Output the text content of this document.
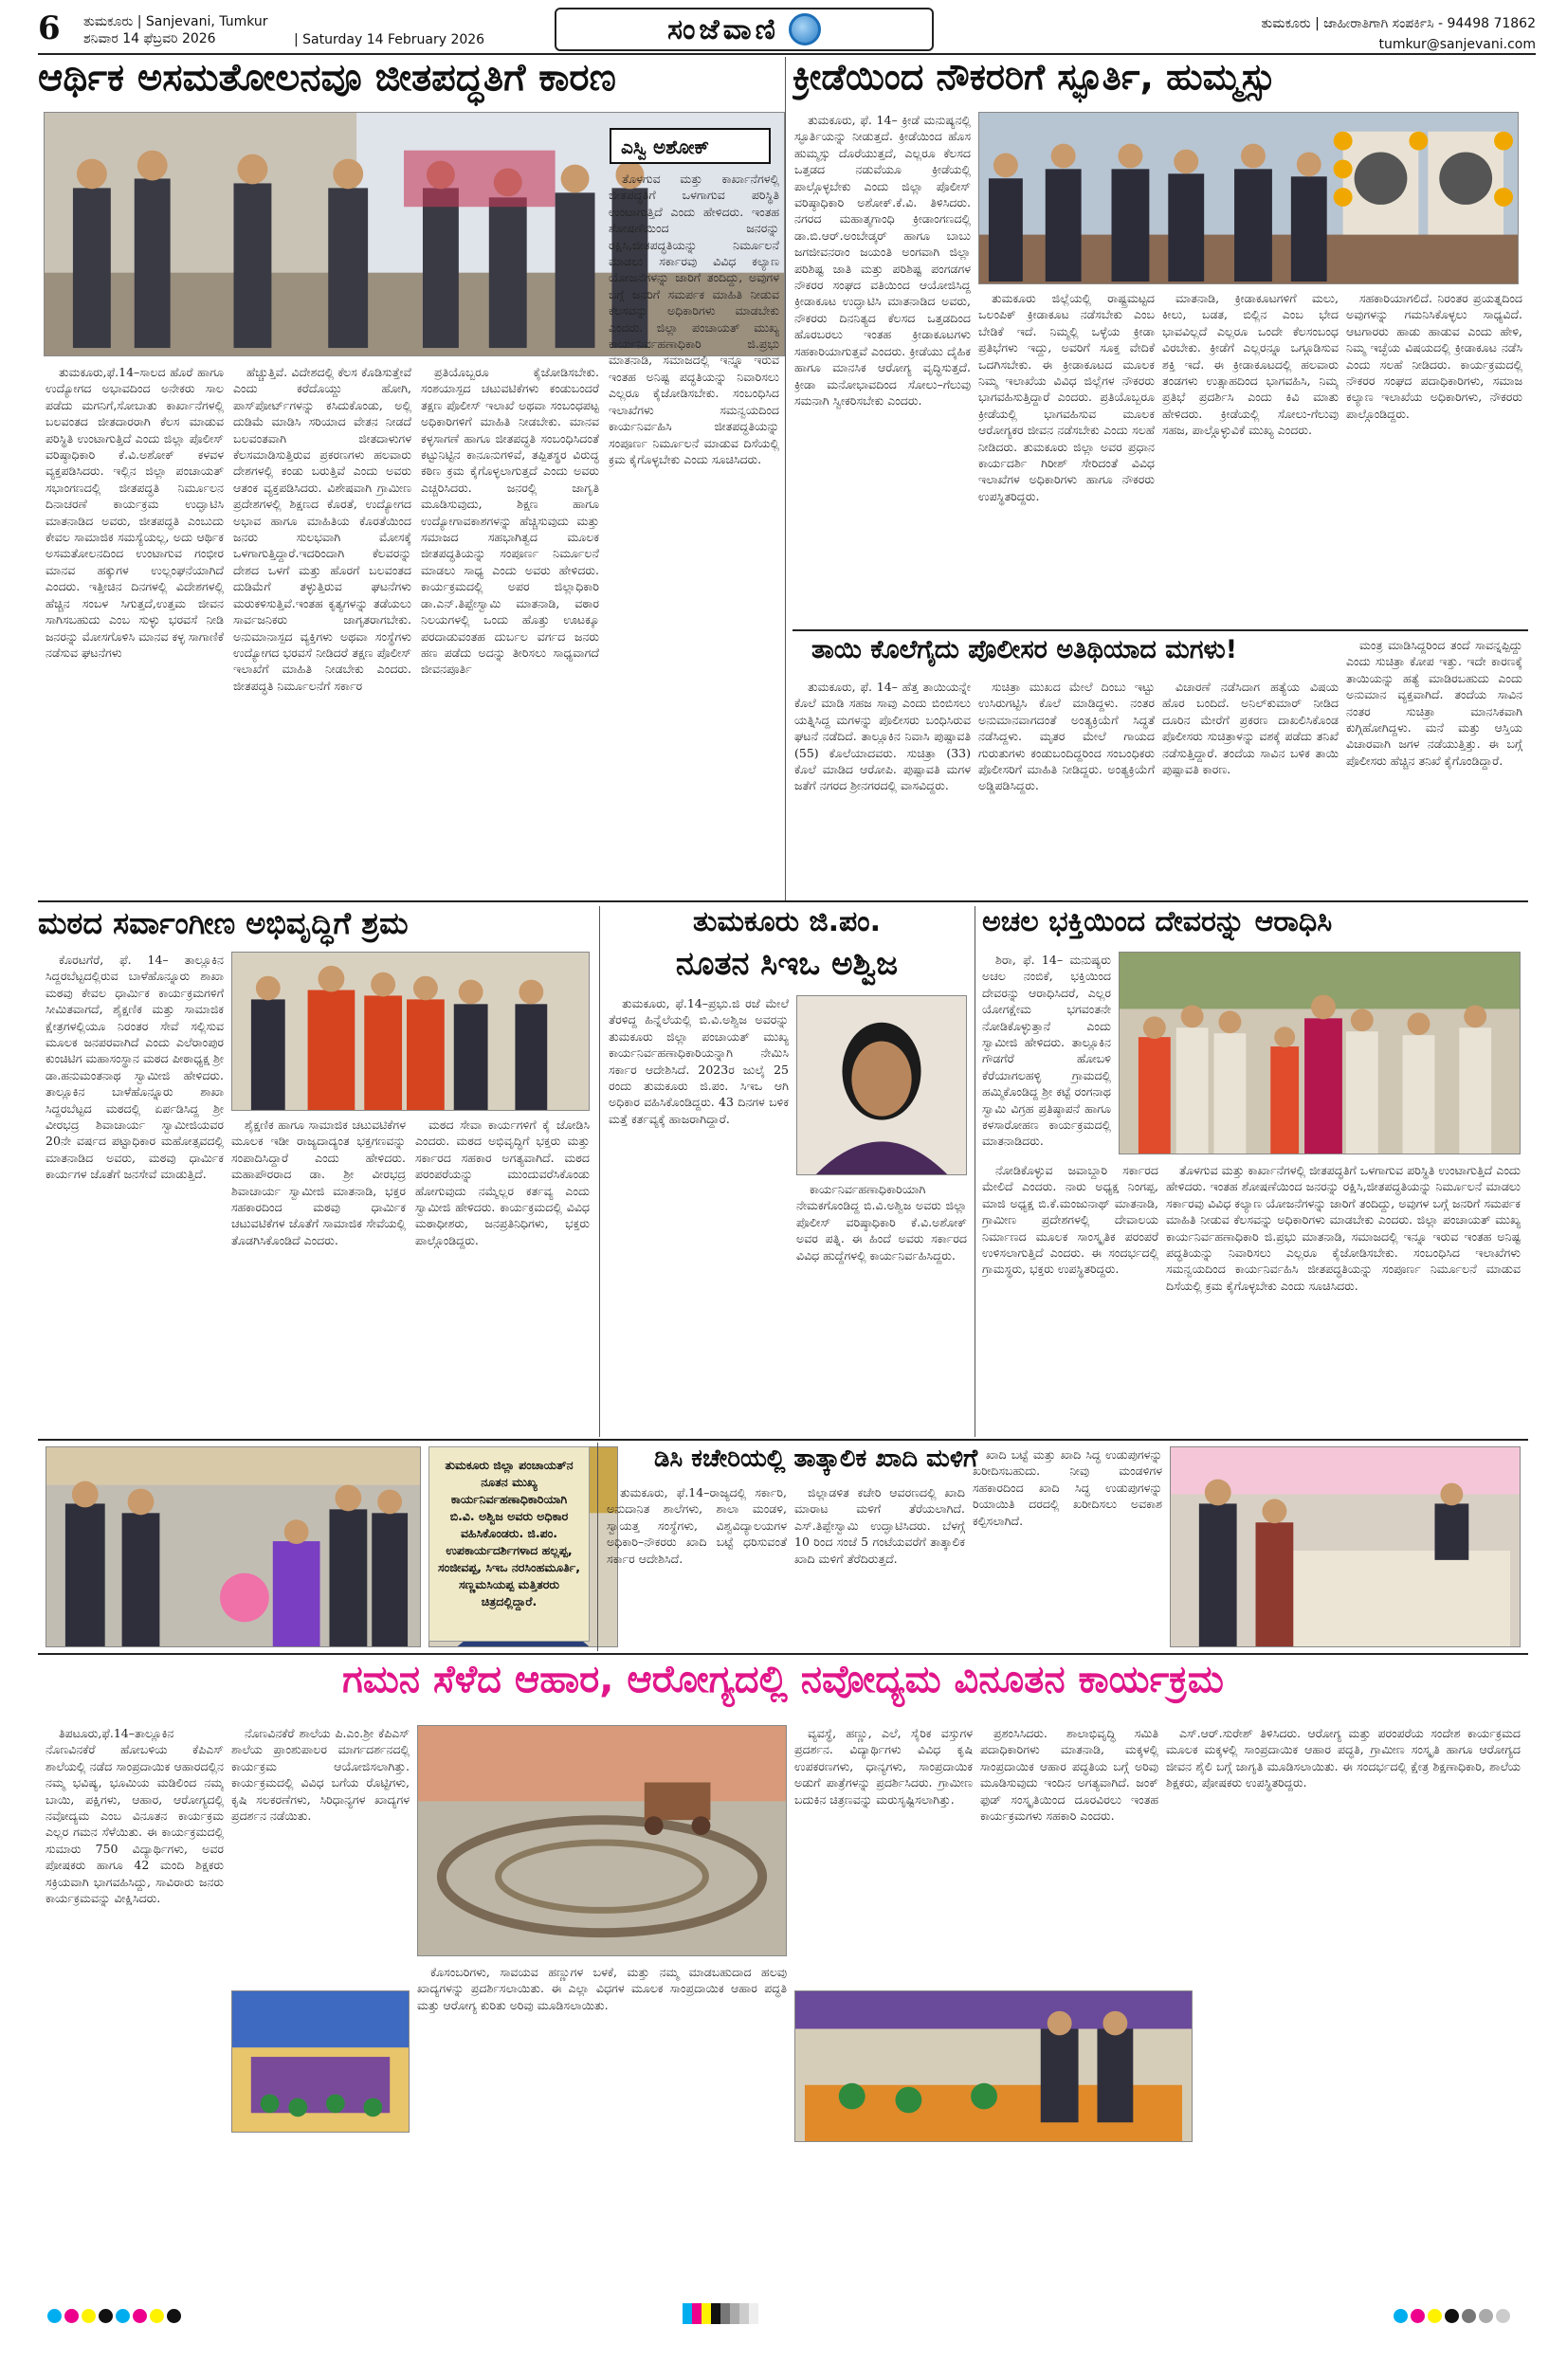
6 ತುಮಕೂರು | Sanjevani, Tumkur
ಶನಿವಾರ 14 ಫೆಬ್ರವರಿ 2026	| Saturday 14 February 2026	ಸಂಜೆವಾಣಿ	ತುಮಕೂರು | ಜಾಹೀರಾತಿಗಾಗಿ ಸಂಪರ್ಕಿಸಿ - 94498 71862
tumkur@sanjevani.com
ಆರ್ಥಿಕ ಅಸಮತೋಲನವೂ ಜೀತಪದ್ಧತಿಗೆ ಕಾರಣ
ಎಸ್ವಿ ಅಶೋಕ್

ತುಮಕೂರು,ಫೆ.14–ಸಾಲದ ಹೊರೆ ಹಾಗೂ ಉದ್ಯೋಗದ ಅಭಾವದಿಂದ ಅನೇಕರು ಸಾಲ ಪಡೆದು ಮಗನಿಗೆ,ಸೋಬಾತು ಕಾರ್ಖಾನೆಗಳಲ್ಲಿ ಬಲವಂತದ ಜೀತದಾರರಾಗಿ ಕೆಲಸ ಮಾಡುವ ಪರಿಸ್ಥಿತಿ ಉಂಟಾಗುತ್ತಿದೆ ಎಂದು ಜಿಲ್ಲಾ ಪೊಲೀಸ್ ವರಿಷ್ಠಾಧಿಕಾರಿ ಕೆ.ವಿ.ಅಶೋಕ್ ಕಳವಳ ವ್ಯಕ್ತಪಡಿಸಿದರು. ಇಲ್ಲಿನ ಜಿಲ್ಲಾ ಪಂಚಾಯತ್ ಸಭಾಂಗಣದಲ್ಲಿ ಜೀತಪದ್ಧತಿ ನಿರ್ಮೂಲನ ದಿನಾಚರಣೆ ಕಾರ್ಯಕ್ರಮ ಉದ್ಘಾಟಿಸಿ ಮಾತನಾಡಿದ ಅವರು, ಜೀತಪದ್ಧತಿ ಎಂಬುದು ಕೇವಲ ಸಾಮಾಜಿಕ ಸಮಸ್ಯೆಯಲ್ಲ, ಅದು ಆರ್ಥಿಕ ಅಸಮತೋಲನದಿಂದ ಉಂಟಾಗುವ ಗಂಭೀರ ಮಾನವ ಹಕ್ಕುಗಳ ಉಲ್ಲಂಘನೆಯಾಗಿದೆ ಎಂದರು. ಇತ್ತೀಚಿನ ದಿನಗಳಲ್ಲಿ ವಿದೇಶಗಳಲ್ಲಿ ಹೆಚ್ಚಿನ ಸಂಬಳ ಸಿಗುತ್ತದೆ,ಉತ್ತಮ ಜೀವನ ಸಾಗಿಸಬಹುದು ಎಂಬ ಸುಳ್ಳು ಭರವಸೆ ನೀಡಿ ಜನರನ್ನು ಮೋಸಗೊಳಿಸಿ ಮಾನವ ಕಳ್ಳ ಸಾಗಾಣಿಕೆ ನಡೆಸುವ ಘಟನೆಗಳು

ಹೆಚ್ಚುತ್ತಿವೆ. ವಿದೇಶದಲ್ಲಿ ಕೆಲಸ ಕೊಡಿಸುತ್ತೇವೆ ಎಂದು ಕರೆದೊಯ್ದು ಹೋಗಿ, ಪಾಸ್‌ಪೋರ್ಟ್‌ಗಳನ್ನು ಕಸಿದುಕೊಂಡು, ಅಲ್ಲಿ ದುಡಿಮೆ ಮಾಡಿಸಿ ಸರಿಯಾದ ವೇತನ ನೀಡದೆ ಬಲವಂತವಾಗಿ ಜೀತದಾಳುಗಳ ಕೆಲಸಮಾಡಿಸುತ್ತಿರುವ ಪ್ರಕರಣಗಳು ಹಲವಾರು ದೇಶಗಳಲ್ಲಿ ಕಂಡು ಬರುತ್ತಿವೆ ಎಂದು ಅವರು ಆತಂಕ ವ್ಯಕ್ತಪಡಿಸಿದರು. ವಿಶೇಷವಾಗಿ ಗ್ರಾಮೀಣ ಪ್ರದೇಶಗಳಲ್ಲಿ ಶಿಕ್ಷಣದ ಕೊರತೆ, ಉದ್ಯೋಗದ ಅಭಾವ ಹಾಗೂ ಮಾಹಿತಿಯ ಕೊರತೆಯಿಂದ ಜನರು ಸುಲಭವಾಗಿ ಮೋಸಕ್ಕೆ ಒಳಗಾಗುತ್ತಿದ್ದಾರೆ.ಇದರಿಂದಾಗಿ ಕೆಲವರನ್ನು ದೇಶದ ಒಳಗೆ ಮತ್ತು ಹೊರಗೆ ಬಲವಂತದ ದುಡಿಮೆಗೆ ತಳ್ಳುತ್ತಿರುವ ಘಟನೆಗಳು ಮರುಕಳಿಸುತ್ತಿವೆ.ಇಂತಹ ಕೃತ್ಯಗಳನ್ನು ತಡೆಯಲು ಸಾರ್ವಜನಿಕರು ಜಾಗೃತರಾಗಬೇಕು. ಅನುಮಾನಾಸ್ಪದ ವ್ಯಕ್ತಿಗಳು ಅಥವಾ ಸಂಸ್ಥೆಗಳು ಉದ್ಯೋಗದ ಭರವಸೆ ನೀಡಿದರೆ ತಕ್ಷಣ ಪೊಲೀಸ್ ಇಲಾಖೆಗೆ ಮಾಹಿತಿ ನೀಡಬೇಕು ಎಂದರು. ಜೀತಪದ್ಧತಿ ನಿರ್ಮೂಲನೆಗೆ ಸರ್ಕಾರ

ಪ್ರತಿಯೊಬ್ಬರೂ ಕೈಜೋಡಿಸಬೇಕು. ಸಂಶಯಾಸ್ಪದ ಚಟುವಟಿಕೆಗಳು ಕಂಡುಬಂದರೆ ತಕ್ಷಣ ಪೊಲೀಸ್ ಇಲಾಖೆ ಅಥವಾ ಸಂಬಂಧಪಟ್ಟ ಅಧಿಕಾರಿಗಳಿಗೆ ಮಾಹಿತಿ ನೀಡಬೇಕು. ಮಾನವ ಕಳ್ಳಸಾಗಣೆ ಹಾಗೂ ಜೀತಪದ್ಧತಿ ಸಂಬಂಧಿಸಿದಂತೆ ಕಟ್ಟುನಿಟ್ಟಿನ ಕಾನೂನುಗಳಿವೆ, ತಪ್ಪಿತಸ್ಥರ ವಿರುದ್ಧ ಕಠಿಣ ಕ್ರಮ ಕೈಗೊಳ್ಳಲಾಗುತ್ತದೆ ಎಂದು ಅವರು ಎಚ್ಚರಿಸಿದರು. ಜನರಲ್ಲಿ ಜಾಗೃತಿ ಮೂಡಿಸುವುದು, ಶಿಕ್ಷಣ ಹಾಗೂ ಉದ್ಯೋಗಾವಕಾಶಗಳನ್ನು ಹೆಚ್ಚಿಸುವುದು ಮತ್ತು ಸಮಾಜದ ಸಹಭಾಗಿತ್ವದ ಮೂಲಕ ಜೀತಪದ್ಧತಿಯನ್ನು ಸಂಪೂರ್ಣ ನಿರ್ಮೂಲನೆ ಮಾಡಲು ಸಾಧ್ಯ ಎಂದು ಅವರು ಹೇಳಿದರು. ಕಾರ್ಯಕ್ರಮದಲ್ಲಿ ಅಪರ ಜಿಲ್ಲಾಧಿಕಾರಿ ಡಾ.ಎನ್.ತಿಪ್ಪೇಸ್ವಾಮಿ ಮಾತನಾಡಿ, ವಠಾರ ನಿಲಯಗಳಲ್ಲಿ ಒಂದು ಹೊತ್ತು ಊಟಕ್ಕೂ ಪರದಾಡುವಂತಹ ದುರ್ಬಲ ವರ್ಗದ ಜನರು ಹಣ ಪಡೆದು ಅದನ್ನು ತೀರಿಸಲು ಸಾಧ್ಯವಾಗದೆ ಜೀವನಪೂರ್ತಿ

ತೊಳಗುವ ಮತ್ತು ಕಾರ್ಖಾನೆಗಳಲ್ಲಿ ಜೀತಪದ್ಧತಿಗೆ ಒಳಗಾಗುವ ಪರಿಸ್ಥಿತಿ ಉಂಟಾಗುತ್ತಿದೆ ಎಂದು ಹೇಳಿದರು. ಇಂತಹ ಶೋಷಣೆಯಿಂದ ಜನರನ್ನು ರಕ್ಷಿಸಿ,ಜೀತಪದ್ಧತಿಯನ್ನು ನಿರ್ಮೂಲನೆ ಮಾಡಲು ಸರ್ಕಾರವು ವಿವಿಧ ಕಲ್ಯಾಣ ಯೋಜನೆಗಳನ್ನು ಜಾರಿಗೆ ತಂದಿದ್ದು, ಅವುಗಳ ಬಗ್ಗೆ ಜನರಿಗೆ ಸಮರ್ಪಕ ಮಾಹಿತಿ ನೀಡುವ ಕೆಲಸವನ್ನು ಅಧಿಕಾರಿಗಳು ಮಾಡಬೇಕು ಎಂದರು. ಜಿಲ್ಲಾ ಪಂಚಾಯತ್ ಮುಖ್ಯ ಕಾರ್ಯನಿರ್ವಹಣಾಧಿಕಾರಿ ಜಿ.ಪ್ರಭು ಮಾತನಾಡಿ, ಸಮಾಜದಲ್ಲಿ ಇನ್ನೂ ಇರುವ ಇಂತಹ ಅನಿಷ್ಟ ಪದ್ಧತಿಯನ್ನು ನಿವಾರಿಸಲು ಎಲ್ಲರೂ ಕೈಜೋಡಿಸಬೇಕು. ಸಂಬಂಧಿಸಿದ ಇಲಾಖೆಗಳು ಸಮನ್ವಯದಿಂದ ಕಾರ್ಯನಿರ್ವಹಿಸಿ ಜೀತಪದ್ಧತಿಯನ್ನು ಸಂಪೂರ್ಣ ನಿರ್ಮೂಲನೆ ಮಾಡುವ ದಿಸೆಯಲ್ಲಿ ಕ್ರಮ ಕೈಗೊಳ್ಳಬೇಕು ಎಂದು ಸೂಚಿಸಿದರು.

ಕ್ರೀಡೆಯಿಂದ ನೌಕರರಿಗೆ ಸ್ಫೂರ್ತಿ, ಹುಮ್ಮಸ್ಸು

ತುಮಕೂರು, ಫೆ. 14– ಕ್ರೀಡೆ ಮನುಷ್ಯನಲ್ಲಿ ಸ್ಫೂರ್ತಿಯನ್ನು ನೀಡುತ್ತದೆ. ಕ್ರೀಡೆಯಿಂದ ಹೊಸ ಹುಮ್ಮಸ್ಸು ದೊರೆಯುತ್ತದೆ, ಎಲ್ಲರೂ ಕೆಲಸದ ಒತ್ತಡದ ನಡುವೆಯೂ ಕ್ರೀಡೆಯಲ್ಲಿ ಪಾಲ್ಗೊಳ್ಳಬೇಕು ಎಂದು ಜಿಲ್ಲಾ ಪೊಲೀಸ್ ವರಿಷ್ಠಾಧಿಕಾರಿ ಅಶೋಕ್.ಕೆ.ವಿ. ತಿಳಿಸಿದರು. ನಗರದ ಮಹಾತ್ಮಗಾಂಧಿ ಕ್ರೀಡಾಂಗಣದಲ್ಲಿ ಡಾ.ಬಿ.ಆರ್.ಅಂಬೇಡ್ಕರ್ ಹಾಗೂ ಬಾಬು ಜಗಜೀವನರಾಂ ಜಯಂತಿ ಅಂಗವಾಗಿ ಜಿಲ್ಲಾ ಪರಿಶಿಷ್ಟ ಜಾತಿ ಮತ್ತು ಪರಿಶಿಷ್ಟ ಪಂಗಡಗಳ ನೌಕರರ ಸಂಘದ ವತಿಯಿಂದ ಆಯೋಜಿಸಿದ್ದ ಕ್ರೀಡಾಕೂಟ ಉದ್ಘಾಟಿಸಿ ಮಾತನಾಡಿದ ಅವರು, ನೌಕರರು ದಿನನಿತ್ಯದ ಕೆಲಸದ ಒತ್ತಡದಿಂದ ಹೊರಬರಲು ಇಂತಹ ಕ್ರೀಡಾಕೂಟಗಳು ಸಹಕಾರಿಯಾಗುತ್ತವೆ ಎಂದರು. ಕ್ರೀಡೆಯು ದೈಹಿಕ ಹಾಗೂ ಮಾನಸಿಕ ಆರೋಗ್ಯ ವೃದ್ಧಿಸುತ್ತದೆ. ಕ್ರೀಡಾ ಮನೋಭಾವದಿಂದ ಸೋಲು–ಗೆಲುವು ಸಮನಾಗಿ ಸ್ವೀಕರಿಸಬೇಕು ಎಂದರು.

ತುಮಕೂರು ಜಿಲ್ಲೆಯಲ್ಲಿ ರಾಷ್ಟ್ರಮಟ್ಟದ ಒಲಂಪಿಕ್ ಕ್ರೀಡಾಕೂಟ ನಡೆಸಬೇಕು ಎಂಬ ಬೇಡಿಕೆ ಇದೆ. ನಿಮ್ಮಲ್ಲಿ ಒಳ್ಳೆಯ ಕ್ರೀಡಾ ಪ್ರತಿಭೆಗಳು ಇದ್ದು, ಅವರಿಗೆ ಸೂಕ್ತ ವೇದಿಕೆ ಒದಗಿಸಬೇಕು. ಈ ಕ್ರೀಡಾಕೂಟದ ಮೂಲಕ ನಿಮ್ಮ ಇಲಾಖೆಯ ವಿವಿಧ ಜಿಲ್ಲೆಗಳ ನೌಕರರು ಭಾಗವಹಿಸುತ್ತಿದ್ದಾರೆ ಎಂದರು. ಪ್ರತಿಯೊಬ್ಬರೂ ಕ್ರೀಡೆಯಲ್ಲಿ ಭಾಗವಹಿಸುವ ಮೂಲಕ ಆರೋಗ್ಯಕರ ಜೀವನ ನಡೆಸಬೇಕು ಎಂದು ಸಲಹೆ ನೀಡಿದರು. ತುಮಕೂರು ಜಿಲ್ಲಾ ಅವರ ಪ್ರಧಾನ ಕಾರ್ಯದರ್ಶಿ ಗಿರೀಶ್ ಸೇರಿದಂತೆ ವಿವಿಧ ಇಲಾಖೆಗಳ ಅಧಿಕಾರಿಗಳು ಹಾಗೂ ನೌಕರರು ಉಪಸ್ಥಿತರಿದ್ದರು.

ಮಾತನಾಡಿ, ಕ್ರೀಡಾಕೂಟಗಳಿಗೆ ಮಲು, ಕೀಲು, ಬಡತ, ಬಿಲ್ಲಿನ ಎಂಬ ಭೇದ ಭಾವವಿಲ್ಲದೆ ಎಲ್ಲರೂ ಒಂದೇ ಕೆಲಸಂಬಂಧ ವಿರಬೇಕು. ಕ್ರೀಡೆಗೆ ಎಲ್ಲರನ್ನೂ ಒಗ್ಗೂಡಿಸುವ ಶಕ್ತಿ ಇದೆ. ಈ ಕ್ರೀಡಾಕೂಟದಲ್ಲಿ ಹಲವಾರು ತಂಡಗಳು ಉತ್ಸಾಹದಿಂದ ಭಾಗವಹಿಸಿ, ನಿಮ್ಮ ಪ್ರತಿಭೆ ಪ್ರದರ್ಶಿಸಿ ಎಂದು ಕಿವಿ ಮಾತು ಹೇಳಿದರು. ಕ್ರೀಡೆಯಲ್ಲಿ ಸೋಲು-ಗೆಲುವು ಸಹಜ, ಪಾಲ್ಗೊಳ್ಳುವಿಕೆ ಮುಖ್ಯ ಎಂದರು.

ಸಹಕಾರಿಯಾಗಲಿದೆ. ನಿರಂತರ ಪ್ರಯತ್ನದಿಂದ ಅವುಗಳನ್ನು ಗಮನಿಸಿಕೊಳ್ಳಲು ಸಾಧ್ಯವಿದೆ. ಆಟಗಾರರು ಹಾಡು ಹಾಡುವ ಎಂದು ಹೇಳಿ, ನಿಮ್ಮ ಇಚ್ಛೆಯ ವಿಷಯದಲ್ಲಿ ಕ್ರೀಡಾಕೂಟ ನಡೆಸಿ ಎಂದು ಸಲಹೆ ನೀಡಿದರು. ಕಾರ್ಯಕ್ರಮದಲ್ಲಿ ನೌಕರರ ಸಂಘದ ಪದಾಧಿಕಾರಿಗಳು, ಸಮಾಜ ಕಲ್ಯಾಣ ಇಲಾಖೆಯ ಅಧಿಕಾರಿಗಳು, ನೌಕರರು ಪಾಲ್ಗೊಂಡಿದ್ದರು.

ತಾಯಿ ಕೊಲೆಗೈದು ಪೊಲೀಸರ ಅತಿಥಿಯಾದ ಮಗಳು!

ತುಮಕೂರು, ಫೆ. 14– ಹೆತ್ತ ತಾಯಿಯನ್ನೇ ಕೊಲೆ ಮಾಡಿ ಸಹಜ ಸಾವು ಎಂದು ಬಿಂಬಿಸಲು ಯತ್ನಿಸಿದ್ದ ಮಗಳನ್ನು ಪೊಲೀಸರು ಬಂಧಿಸಿರುವ ಘಟನೆ ನಡೆದಿದೆ. ತಾಲ್ಲೂಕಿನ ನಿವಾಸಿ ಪುಷ್ಪಾವತಿ (55) ಕೊಲೆಯಾದವರು. ಸುಚಿತ್ರಾ (33) ಕೊಲೆ ಮಾಡಿದ ಆರೋಪಿ. ಪುಷ್ಪಾವತಿ ಮಗಳ ಜತೆಗೆ ನಗರದ ಶ್ರೀನಗರದಲ್ಲಿ ವಾಸವಿದ್ದರು.

ಸುಚಿತ್ರಾ ಮುಖದ ಮೇಲೆ ದಿಂಬು ಇಟ್ಟು ಉಸಿರುಗಟ್ಟಿಸಿ ಕೊಲೆ ಮಾಡಿದ್ದಳು. ನಂತರ ಅನುಮಾನವಾಗದಂತೆ ಅಂತ್ಯಕ್ರಿಯೆಗೆ ಸಿದ್ಧತೆ ನಡೆಸಿದ್ದಳು. ಮೃತರ ಮೇಲೆ ಗಾಯದ ಗುರುತುಗಳು ಕಂಡುಬಂದಿದ್ದರಿಂದ ಸಂಬಂಧಿಕರು ಪೊಲೀಸರಿಗೆ ಮಾಹಿತಿ ನೀಡಿದ್ದರು. ಅಂತ್ಯಕ್ರಿಯೆಗೆ ಅಡ್ಡಿಪಡಿಸಿದ್ದರು.

ವಿಚಾರಣೆ ನಡೆಸಿದಾಗ ಹತ್ಯೆಯ ವಿಷಯ ಹೊರ ಬಂದಿದೆ. ಅನಿಲ್‌ಕುಮಾರ್ ನೀಡಿದ ದೂರಿನ ಮೇರೆಗೆ ಪ್ರಕರಣ ದಾಖಲಿಸಿಕೊಂಡ ಪೊಲೀಸರು ಸುಚಿತ್ರಾಳನ್ನು ವಶಕ್ಕೆ ಪಡೆದು ತನಿಖೆ ನಡೆಸುತ್ತಿದ್ದಾರೆ. ತಂದೆಯ ಸಾವಿನ ಬಳಿಕ ತಾಯಿ ಪುಷ್ಪಾವತಿ ಕಾರಣ.

ಮಂತ್ರ ಮಾಡಿಸಿದ್ದರಿಂದ ತಂದೆ ಸಾವನ್ನಪ್ಪಿದ್ದು ಎಂದು ಸುಚಿತ್ರಾ ಕೋಪ ಇತ್ತು. ಇದೇ ಕಾರಣಕ್ಕೆ ತಾಯಿಯನ್ನು ಹತ್ಯೆ ಮಾಡಿರಬಹುದು ಎಂದು ಅನುಮಾನ ವ್ಯಕ್ತವಾಗಿದೆ. ತಂದೆಯ ಸಾವಿನ ನಂತರ ಸುಚಿತ್ರಾ ಮಾನಸಿಕವಾಗಿ ಕುಗ್ಗಿಹೋಗಿದ್ದಳು. ಮನೆ ಮತ್ತು ಆಸ್ತಿಯ ವಿಚಾರವಾಗಿ ಜಗಳ ನಡೆಯುತ್ತಿತ್ತು. ಈ ಬಗ್ಗೆ ಪೊಲೀಸರು ಹೆಚ್ಚಿನ ತನಿಖೆ ಕೈಗೊಂಡಿದ್ದಾರೆ.

ಮಠದ ಸರ್ವಾಂಗೀಣ ಅಭಿವೃದ್ಧಿಗೆ ಶ್ರಮ

ಕೊರಟಗೆರೆ, ಫೆ. 14– ತಾಲ್ಲೂಕಿನ ಸಿದ್ದರಬೆಟ್ಟದಲ್ಲಿರುವ ಬಾಳೆಹೊನ್ನೂರು ಶಾಖಾ ಮಠವು ಕೇವಲ ಧಾರ್ಮಿಕ ಕಾರ್ಯಕ್ರಮಗಳಿಗೆ ಸೀಮಿತವಾಗದೆ, ಶೈಕ್ಷಣಿಕ ಮತ್ತು ಸಾಮಾಜಿಕ ಕ್ಷೇತ್ರಗಳಲ್ಲಿಯೂ ನಿರಂತರ ಸೇವೆ ಸಲ್ಲಿಸುವ ಮೂಲಕ ಜನಪರವಾಗಿದೆ ಎಂದು ಎಲೆರಾಂಪುರ ಕುಂಚಿಟಿಗ ಮಹಾಸಂಸ್ಥಾನ ಮಠದ ಪೀಠಾಧ್ಯಕ್ಷ ಶ್ರೀ ಡಾ.ಹನುಮಂತನಾಥ ಸ್ವಾಮೀಜಿ ಹೇಳಿದರು. ತಾಲ್ಲೂಕಿನ ಬಾಳೆಹೊನ್ನೂರು ಶಾಖಾ ಸಿದ್ದರಬೆಟ್ಟದ ಮಠದಲ್ಲಿ ಏರ್ಪಡಿಸಿದ್ದ ಶ್ರೀ ವೀರಭದ್ರ ಶಿವಾಚಾರ್ಯ ಸ್ವಾಮೀಜಿಯವರ 20ನೇ ವರ್ಷದ ಪಟ್ಟಾಧಿಕಾರ ಮಹೋತ್ಸವದಲ್ಲಿ ಮಾತನಾಡಿದ ಅವರು, ಮಠವು ಧಾರ್ಮಿಕ ಕಾರ್ಯಗಳ ಜೊತೆಗೆ ಜನಸೇವೆ ಮಾಡುತ್ತಿದೆ.

ಶೈಕ್ಷಣಿಕ ಹಾಗೂ ಸಾಮಾಜಿಕ ಚಟುವಟಿಕೆಗಳ ಮೂಲಕ ಇಡೀ ರಾಜ್ಯದಾದ್ಯಂತ ಭಕ್ತಗಣವನ್ನು ಸಂಪಾದಿಸಿದ್ದಾರೆ ಎಂದು ಹೇಳಿದರು. ಮಹಾಪೌರರಾದ ಡಾ. ಶ್ರೀ ವೀರಭದ್ರ ಶಿವಾಚಾರ್ಯ ಸ್ವಾಮೀಜಿ ಮಾತನಾಡಿ, ಭಕ್ತರ ಸಹಕಾರದಿಂದ ಮಠವು ಧಾರ್ಮಿಕ ಚಟುವಟಿಕೆಗಳ ಜೊತೆಗೆ ಸಾಮಾಜಿಕ ಸೇವೆಯಲ್ಲಿ ತೊಡಗಿಸಿಕೊಂಡಿದೆ ಎಂದರು.

ಮಠದ ಸೇವಾ ಕಾರ್ಯಗಳಿಗೆ ಕೈ ಜೋಡಿಸಿ ಎಂದರು. ಮಠದ ಅಭಿವೃದ್ಧಿಗೆ ಭಕ್ತರು ಮತ್ತು ಸರ್ಕಾರದ ಸಹಕಾರ ಅಗತ್ಯವಾಗಿದೆ. ಮಠದ ಪರಂಪರೆಯನ್ನು ಮುಂದುವರೆಸಿಕೊಂಡು ಹೋಗುವುದು ನಮ್ಮೆಲ್ಲರ ಕರ್ತವ್ಯ ಎಂದು ಸ್ವಾಮೀಜಿ ಹೇಳಿದರು. ಕಾರ್ಯಕ್ರಮದಲ್ಲಿ ವಿವಿಧ ಮಠಾಧೀಶರು, ಜನಪ್ರತಿನಿಧಿಗಳು, ಭಕ್ತರು ಪಾಲ್ಗೊಂಡಿದ್ದರು.

ತುಮಕೂರು ಜಿ.ಪಂ.
ನೂತನ ಸಿಇಒ ಅಶ್ವಿಜ

ತುಮಕೂರು, ಫೆ.14–ಪ್ರಭು.ಜಿ ರಜೆ ಮೇಲೆ ತೆರಳಿದ್ದ ಹಿನ್ನೆಲೆಯಲ್ಲಿ ಬಿ.ವಿ.ಅಶ್ವಿಜ ಅವರನ್ನು ತುಮಕೂರು ಜಿಲ್ಲಾ ಪಂಚಾಯತ್ ಮುಖ್ಯ ಕಾರ್ಯನಿರ್ವಹಣಾಧಿಕಾರಿಯನ್ನಾಗಿ ನೇಮಿಸಿ ಸರ್ಕಾರ ಆದೇಶಿಸಿದೆ. 2023ರ ಜುಲೈ 25 ರಂದು ತುಮಕೂರು ಜಿ.ಪಂ. ಸಿಇಒ ಆಗಿ ಅಧಿಕಾರ ವಹಿಸಿಕೊಂಡಿದ್ದರು. 43 ದಿನಗಳ ಬಳಿಕ ಮತ್ತೆ ಕರ್ತವ್ಯಕ್ಕೆ ಹಾಜರಾಗಿದ್ದಾರೆ.

ಕಾರ್ಯನಿರ್ವಹಣಾಧಿಕಾರಿಯಾಗಿ ನೇಮಕಗೊಂಡಿದ್ದ ಬಿ.ವಿ.ಅಶ್ವಿಜ ಅವರು ಜಿಲ್ಲಾ ಪೊಲೀಸ್ ವರಿಷ್ಠಾಧಿಕಾರಿ ಕೆ.ವಿ.ಅಶೋಕ್ ಅವರ ಪತ್ನಿ. ಈ ಹಿಂದೆ ಅವರು ಸರ್ಕಾರದ ವಿವಿಧ ಹುದ್ದೆಗಳಲ್ಲಿ ಕಾರ್ಯನಿರ್ವಹಿಸಿದ್ದರು.

ಅಚಲ ಭಕ್ತಿಯಿಂದ ದೇವರನ್ನು ಆರಾಧಿಸಿ

ಶಿರಾ, ಫೆ. 14– ಮನುಷ್ಯರು ಅಚಲ ನಂಬಿಕೆ, ಭಕ್ತಿಯಿಂದ ದೇವರನ್ನು ಆರಾಧಿಸಿದರೆ, ಎಲ್ಲರ ಯೋಗಕ್ಷೇಮ ಭಗವಂತನೇ ನೋಡಿಕೊಳ್ಳುತ್ತಾನೆ ಎಂದು ಸ್ವಾಮೀಜಿ ಹೇಳಿದರು. ತಾಲ್ಲೂಕಿನ ಗೌಡಗೆರೆ ಹೋಬಳಿ ಕೆರೆಯಾಗಲಹಳ್ಳಿ ಗ್ರಾಮದಲ್ಲಿ ಹಮ್ಮಿಕೊಂಡಿದ್ದ ಶ್ರೀ ಕಟ್ಟೆ ರಂಗನಾಥ ಸ್ವಾಮಿ ವಿಗ್ರಹ ಪ್ರತಿಷ್ಠಾಪನೆ ಹಾಗೂ ಕಳಸಾರೋಹಣ ಕಾರ್ಯಕ್ರಮದಲ್ಲಿ ಮಾತನಾಡಿದರು.

ನೋಡಿಕೊಳ್ಳುವ ಜವಾಬ್ದಾರಿ ಸರ್ಕಾರದ ಮೇಲಿದೆ ಎಂದರು. ನಾರು ಅಧ್ಯಕ್ಷ ನಿಂಗಪ್ಪ, ಮಾಜಿ ಅಧ್ಯಕ್ಷ ಬಿ.ಕೆ.ಮಂಜುನಾಥ್ ಮಾತನಾಡಿ, ಗ್ರಾಮೀಣ ಪ್ರದೇಶಗಳಲ್ಲಿ ದೇವಾಲಯ ನಿರ್ಮಾಣದ ಮೂಲಕ ಸಾಂಸ್ಕೃತಿಕ ಪರಂಪರೆ ಉಳಿಸಲಾಗುತ್ತಿದೆ ಎಂದರು. ಈ ಸಂದರ್ಭದಲ್ಲಿ ಗ್ರಾಮಸ್ಥರು, ಭಕ್ತರು ಉಪಸ್ಥಿತರಿದ್ದರು.

ತೊಳಗುವ ಮತ್ತು ಕಾರ್ಖಾನೆಗಳಲ್ಲಿ ಜೀತಪದ್ಧತಿಗೆ ಒಳಗಾಗುವ ಪರಿಸ್ಥಿತಿ ಉಂಟಾಗುತ್ತಿದೆ ಎಂದು ಹೇಳಿದರು. ಇಂತಹ ಶೋಷಣೆಯಿಂದ ಜನರನ್ನು ರಕ್ಷಿಸಿ,ಜೀತಪದ್ಧತಿಯನ್ನು ನಿರ್ಮೂಲನೆ ಮಾಡಲು ಸರ್ಕಾರವು ವಿವಿಧ ಕಲ್ಯಾಣ ಯೋಜನೆಗಳನ್ನು ಜಾರಿಗೆ ತಂದಿದ್ದು, ಅವುಗಳ ಬಗ್ಗೆ ಜನರಿಗೆ ಸಮರ್ಪಕ ಮಾಹಿತಿ ನೀಡುವ ಕೆಲಸವನ್ನು ಅಧಿಕಾರಿಗಳು ಮಾಡಬೇಕು ಎಂದರು. ಜಿಲ್ಲಾ ಪಂಚಾಯತ್ ಮುಖ್ಯ ಕಾರ್ಯನಿರ್ವಹಣಾಧಿಕಾರಿ ಜಿ.ಪ್ರಭು ಮಾತನಾಡಿ, ಸಮಾಜದಲ್ಲಿ ಇನ್ನೂ ಇರುವ ಇಂತಹ ಅನಿಷ್ಟ ಪದ್ಧತಿಯನ್ನು ನಿವಾರಿಸಲು ಎಲ್ಲರೂ ಕೈಜೋಡಿಸಬೇಕು. ಸಂಬಂಧಿಸಿದ ಇಲಾಖೆಗಳು ಸಮನ್ವಯದಿಂದ ಕಾರ್ಯನಿರ್ವಹಿಸಿ ಜೀತಪದ್ಧತಿಯನ್ನು ಸಂಪೂರ್ಣ ನಿರ್ಮೂಲನೆ ಮಾಡುವ ದಿಸೆಯಲ್ಲಿ ಕ್ರಮ ಕೈಗೊಳ್ಳಬೇಕು ಎಂದು ಸೂಚಿಸಿದರು.

ತುಮಕೂರು ಜಿಲ್ಲಾ ಪಂಚಾಯತ್‌ನ ನೂತನ ಮುಖ್ಯ ಕಾರ್ಯನಿರ್ವಹಣಾಧಿಕಾರಿಯಾಗಿ ಬಿ.ವಿ. ಅಶ್ವಿಜ ಅವರು ಅಧಿಕಾರ ವಹಿಸಿಕೊಂಡರು. ಜಿ.ಪಂ. ಉಪಕಾರ್ಯದರ್ಶಿಗಳಾದ ಹಲ್ಲಪ್ಪ, ಸಂಜೀವಪ್ಪ, ಸಿಇಒ ನರಸಿಂಹಮೂರ್ತಿ, ಸಣ್ಣಮಸಿಯಪ್ಪ ಮತ್ತಿತರರು ಚಿತ್ರದಲ್ಲಿದ್ದಾರೆ.
ಡಿಸಿ ಕಚೇರಿಯಲ್ಲಿ ತಾತ್ಕಾಲಿಕ ಖಾದಿ ಮಳಿಗೆ

ತುಮಕೂರು, ಫೆ.14–ರಾಜ್ಯದಲ್ಲಿ ಸರ್ಕಾರಿ, ಅನುದಾನಿತ ಶಾಲೆಗಳು, ಶಾಲಾ ಮಂಡಳಿ, ಸ್ವಾಯತ್ತ ಸಂಸ್ಥೆಗಳು, ವಿಶ್ವವಿದ್ಯಾಲಯಗಳ ಅಧಿಕಾರಿ–ನೌಕರರು ಖಾದಿ ಬಟ್ಟೆ ಧರಿಸುವಂತೆ ಸರ್ಕಾರ ಆದೇಶಿಸಿದೆ.

ಜಿಲ್ಲಾಡಳಿತ ಕಚೇರಿ ಆವರಣದಲ್ಲಿ ಖಾದಿ ಮಾರಾಟ ಮಳಿಗೆ ತೆರೆಯಲಾಗಿದೆ. ಎಸ್.ತಿಪ್ಪೇಸ್ವಾಮಿ ಉದ್ಘಾಟಿಸಿದರು. ಬೆಳಗ್ಗೆ 10 ರಿಂದ ಸಂಜೆ 5 ಗಂಟೆಯವರೆಗೆ ತಾತ್ಕಾಲಿಕ ಖಾದಿ ಮಳಿಗೆ ತೆರೆದಿರುತ್ತದೆ.

ಖಾದಿ ಬಟ್ಟೆ ಮತ್ತು ಖಾದಿ ಸಿದ್ಧ ಉಡುಪುಗಳನ್ನು ಖರೀದಿಸಬಹುದು. ನೀವು ಮಂಡಳಿಗಳ ಸಹಕಾರದಿಂದ ಖಾದಿ ಸಿದ್ಧ ಉಡುಪುಗಳನ್ನು ರಿಯಾಯಿತಿ ದರದಲ್ಲಿ ಖರೀದಿಸಲು ಅವಕಾಶ ಕಲ್ಪಿಸಲಾಗಿದೆ.

ಗಮನ ಸೆಳೆದ ಆಹಾರ, ಆರೋಗ್ಯದಲ್ಲಿ ನವೋದ್ಯಮ ವಿನೂತನ ಕಾರ್ಯಕ್ರಮ

ತಿಪಟೂರು,ಫೆ.14–ತಾಲ್ಲೂಕಿನ ನೊಣವಿನಕೆರೆ ಹೋಬಳಿಯ ಕೆಪಿಎಸ್ ಶಾಲೆಯಲ್ಲಿ ನಡೆದ ಸಾಂಪ್ರದಾಯಿಕ ಆಹಾರದಲ್ಲಿನ ನಮ್ಮ ಭವಿಷ್ಯ, ಭೂಮಿಯ ಮಡಿಲಿಂದ ನಮ್ಮ ಬಾಯಿ, ಪಕ್ಷಿಗಳು, ಆಹಾರ, ಆರೋಗ್ಯದಲ್ಲಿ ನವೋದ್ಯಮ ಎಂಬ ವಿನೂತನ ಕಾರ್ಯಕ್ರಮ ಎಲ್ಲರ ಗಮನ ಸೆಳೆಯಿತು. ಈ ಕಾರ್ಯಕ್ರಮದಲ್ಲಿ ಸುಮಾರು 750 ವಿದ್ಯಾರ್ಥಿಗಳು, ಅವರ ಪೋಷಕರು ಹಾಗೂ 42 ಮಂದಿ ಶಿಕ್ಷಕರು ಸಕ್ರಿಯವಾಗಿ ಭಾಗವಹಿಸಿದ್ದು, ಸಾವಿರಾರು ಜನರು ಕಾರ್ಯಕ್ರಮವನ್ನು ವೀಕ್ಷಿಸಿದರು.

ನೊಣವಿನಕೆರೆ ಶಾಲೆಯ ಪಿ.ಎಂ.ಶ್ರೀ ಕೆಪಿಎಸ್ ಶಾಲೆಯ ಪ್ರಾಂಶುಪಾಲರ ಮಾರ್ಗದರ್ಶನದಲ್ಲಿ ಕಾರ್ಯಕ್ರಮ ಆಯೋಜಿಸಲಾಗಿತ್ತು. ಕಾರ್ಯಕ್ರಮದಲ್ಲಿ ವಿವಿಧ ಬಗೆಯ ರೊಟ್ಟಿಗಳು, ಕೃಷಿ ಸಲಕರಣೆಗಳು, ಸಿರಿಧಾನ್ಯಗಳ ಖಾದ್ಯಗಳ ಪ್ರದರ್ಶನ ನಡೆಯಿತು.

ಕೊಸಂಬರಿಗಳು, ಸಾವಯವ ಹಣ್ಣುಗಳ ಬಳಕೆ, ಮತ್ತು ನಮ್ಮ ಮಾಡಬಹುದಾದ ಹಲವು ಖಾದ್ಯಗಳನ್ನು ಪ್ರದರ್ಶಿಸಲಾಯಿತು. ಈ ಎಲ್ಲಾ ವಿಧಗಳ ಮೂಲಕ ಸಾಂಪ್ರದಾಯಿಕ ಆಹಾರ ಪದ್ಧತಿ ಮತ್ತು ಆರೋಗ್ಯ ಕುರಿತು ಅರಿವು ಮೂಡಿಸಲಾಯಿತು.

ವ್ಯವಸ್ಥೆ, ಹಣ್ಣು, ಎಲೆ, ಸೈರಿಕ ವಸ್ತುಗಳ ಪ್ರದರ್ಶನ. ವಿದ್ಯಾರ್ಥಿಗಳು ವಿವಿಧ ಕೃಷಿ ಉಪಕರಣಗಳು, ಧಾನ್ಯಗಳು, ಸಾಂಪ್ರದಾಯಿಕ ಅಡುಗೆ ಪಾತ್ರೆಗಳನ್ನು ಪ್ರದರ್ಶಿಸಿದರು. ಗ್ರಾಮೀಣ ಬದುಕಿನ ಚಿತ್ರಣವನ್ನು ಮರುಸೃಷ್ಟಿಸಲಾಗಿತ್ತು.

ಪ್ರಶಂಸಿಸಿದರು. ಶಾಲಾಭಿವೃದ್ಧಿ ಸಮಿತಿ ಪದಾಧಿಕಾರಿಗಳು ಮಾತನಾಡಿ, ಮಕ್ಕಳಲ್ಲಿ ಸಾಂಪ್ರದಾಯಿಕ ಆಹಾರ ಪದ್ಧತಿಯ ಬಗ್ಗೆ ಅರಿವು ಮೂಡಿಸುವುದು ಇಂದಿನ ಅಗತ್ಯವಾಗಿದೆ. ಜಂಕ್ ಫುಡ್ ಸಂಸ್ಕೃತಿಯಿಂದ ದೂರವಿರಲು ಇಂತಹ ಕಾರ್ಯಕ್ರಮಗಳು ಸಹಕಾರಿ ಎಂದರು.

ಎಸ್.ಆರ್.ಸುರೇಶ್ ತಿಳಿಸಿದರು. ಆರೋಗ್ಯ ಮತ್ತು ಪರಂಪರೆಯ ಸಂದೇಶ ಕಾರ್ಯಕ್ರಮದ ಮೂಲಕ ಮಕ್ಕಳಲ್ಲಿ ಸಾಂಪ್ರದಾಯಿಕ ಆಹಾರ ಪದ್ಧತಿ, ಗ್ರಾಮೀಣ ಸಂಸ್ಕೃತಿ ಹಾಗೂ ಆರೋಗ್ಯದ ಜೀವನ ಶೈಲಿ ಬಗ್ಗೆ ಜಾಗೃತಿ ಮೂಡಿಸಲಾಯಿತು. ಈ ಸಂದರ್ಭದಲ್ಲಿ ಕ್ಷೇತ್ರ ಶಿಕ್ಷಣಾಧಿಕಾರಿ, ಶಾಲೆಯ ಶಿಕ್ಷಕರು, ಪೋಷಕರು ಉಪಸ್ಥಿತರಿದ್ದರು.
